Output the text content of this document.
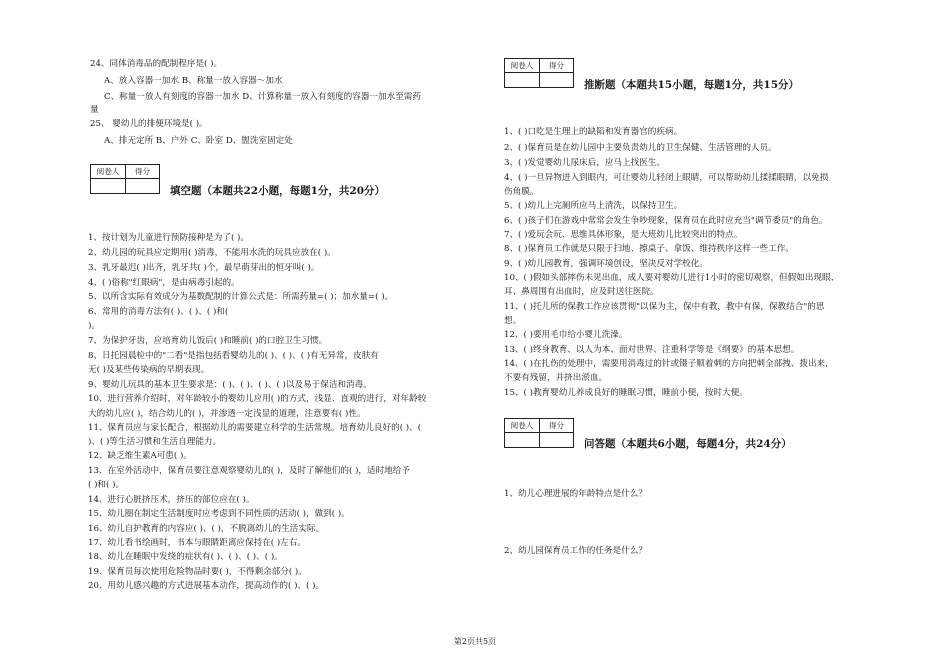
24、同体消毒品的配制程序是( )。
A、放入容器一加水 B、称量一放入容器～加水
C、称量一放人有刻度的容器一加水 D、计算称量一放入有刻度的容器一加水至需药
量
25、 婴幼儿的排便环境是( )。
A、排无定所 B、户外 C、卧室 D、盥洗室固定处
阅卷人	得分
填空题（本题共22小题，每题1分，共20分）
1、按计划为儿童进行预防接种是为了( )。
2、幼儿园的玩具应定期用( )消毒，不能用水洗的玩具应放在( )。
3、乳牙最迟( )出齐，乳牙共( )个，最早萌芽出的恒牙叫( )。
4、( )俗称"红眼病"，是由病毒引起的。
5、以所含实际有效成分为基数配制的计算公式是：所需药量=( )；加水量=( )。
6、常用的消毒方法有( )、( )、( )和(
)。
7、为保护牙齿，应培育幼儿饭后( )和睡前( )的口腔卫生习惯。
8、日托园晨检中的"二看"是指包括看婴幼儿的( )、( )、( )有无异常，皮肤有
无( )及某些传染病的早期表现。
9、婴幼儿玩具的基本卫生要求是：( )、( )、( )、( )以及易于保洁和消毒。
10、进行营养介绍时，对年龄较小的婴幼儿应用( )的方式，浅显、直观的进行，对年龄较
大的幼儿应( )，结合幼儿的( )，并渗透一定浅显的道理，注意要有( )性。
11、保育员应与家长配合，根据幼儿的需要建立科学的生活常规。培育幼儿良好的( )、(
)、( )等生活习惯和生活自理能力。
12、缺乏维生素A可患( )。
13、在室外活动中，保育员要注意观察婴幼儿的( )，及时了解他们的( )，适时地给予
( )和( )。
14、进行心脏挤压术，挤压的部位应在( )。
15、幼儿圈在制定生活制度时应考虑到不同性质的活动( )，做到( )。
16、幼儿自护教育的内容应( )、( )，不脱离幼儿的生活实际。
17、幼儿看书绘画时，书本与眼睛距离应保持在( )左右。
18、幼儿在睡眠中发绕的症状有( )、( )、( )、( )。
19、保育员每次使用危险物品时要( )，不得剩余部分( )。
20、用幼儿感兴趣的方式进展基本动作，提高动作的( )、( )。
阅卷人	得分
推断题（本题共15小题，每题1分，共15分）
1、( )口吃是生理上的缺陷和发育器官的疾病。
2、( )保育员是在幼儿园中主要负责幼儿的卫生保健、生活管理的人员。
3、( )发觉婴幼儿尿床后，应马上找医生。
4、( )一旦异物进入到眼内，可让婴幼儿轻闭上眼睛，可以帮助幼儿揉揉眼睛，以免损
伤角膜。
5、( )幼儿上完厕所应马上清洗，以保持卫生。
6、( )孩子们在游戏中常常会发生争吵现象，保育员在此时应充当"调节委员"的角色。
7、( )爱玩会玩、思维具体形象，是大班幼儿比较突出的特点。
8、( )保育员工作就是只限于扫地、擦桌子、拿饭、维持秩序这样一些工作。
9、( )幼儿园教育，强调环境创设，坚决反对学校化。
10、( )假如头部摔伤未见出血，成人要对婴幼儿进行1小时的密切观察，但假如出现眼、
耳、鼻周围有出血时，应及时送往医院。
11、( )托儿所的保教工作应该贯彻"以保为主，保中有教，教中有保，保教结合"的思
想。
12、( )要用毛巾给小婴儿洗澡。
13、( )终身教育、以人为本、面对世界、注重科学等是《纲要》的基本思想。
14、( )在扎伤的处理中，需要用消毒过的针或镊子顺着刺的方向把刺全部拽、拨出来，
不要有残留，并挤出淤血。
15、( )教育婴幼儿养成良好的睡眠习惯，睡前小便，按时大便。
阅卷人	得分
问答题（本题共6小题，每题4分，共24分）
1、幼儿心理进展的年龄特点是什么？
2、幼儿园保育员工作的任务是什么？
第2页共5页
